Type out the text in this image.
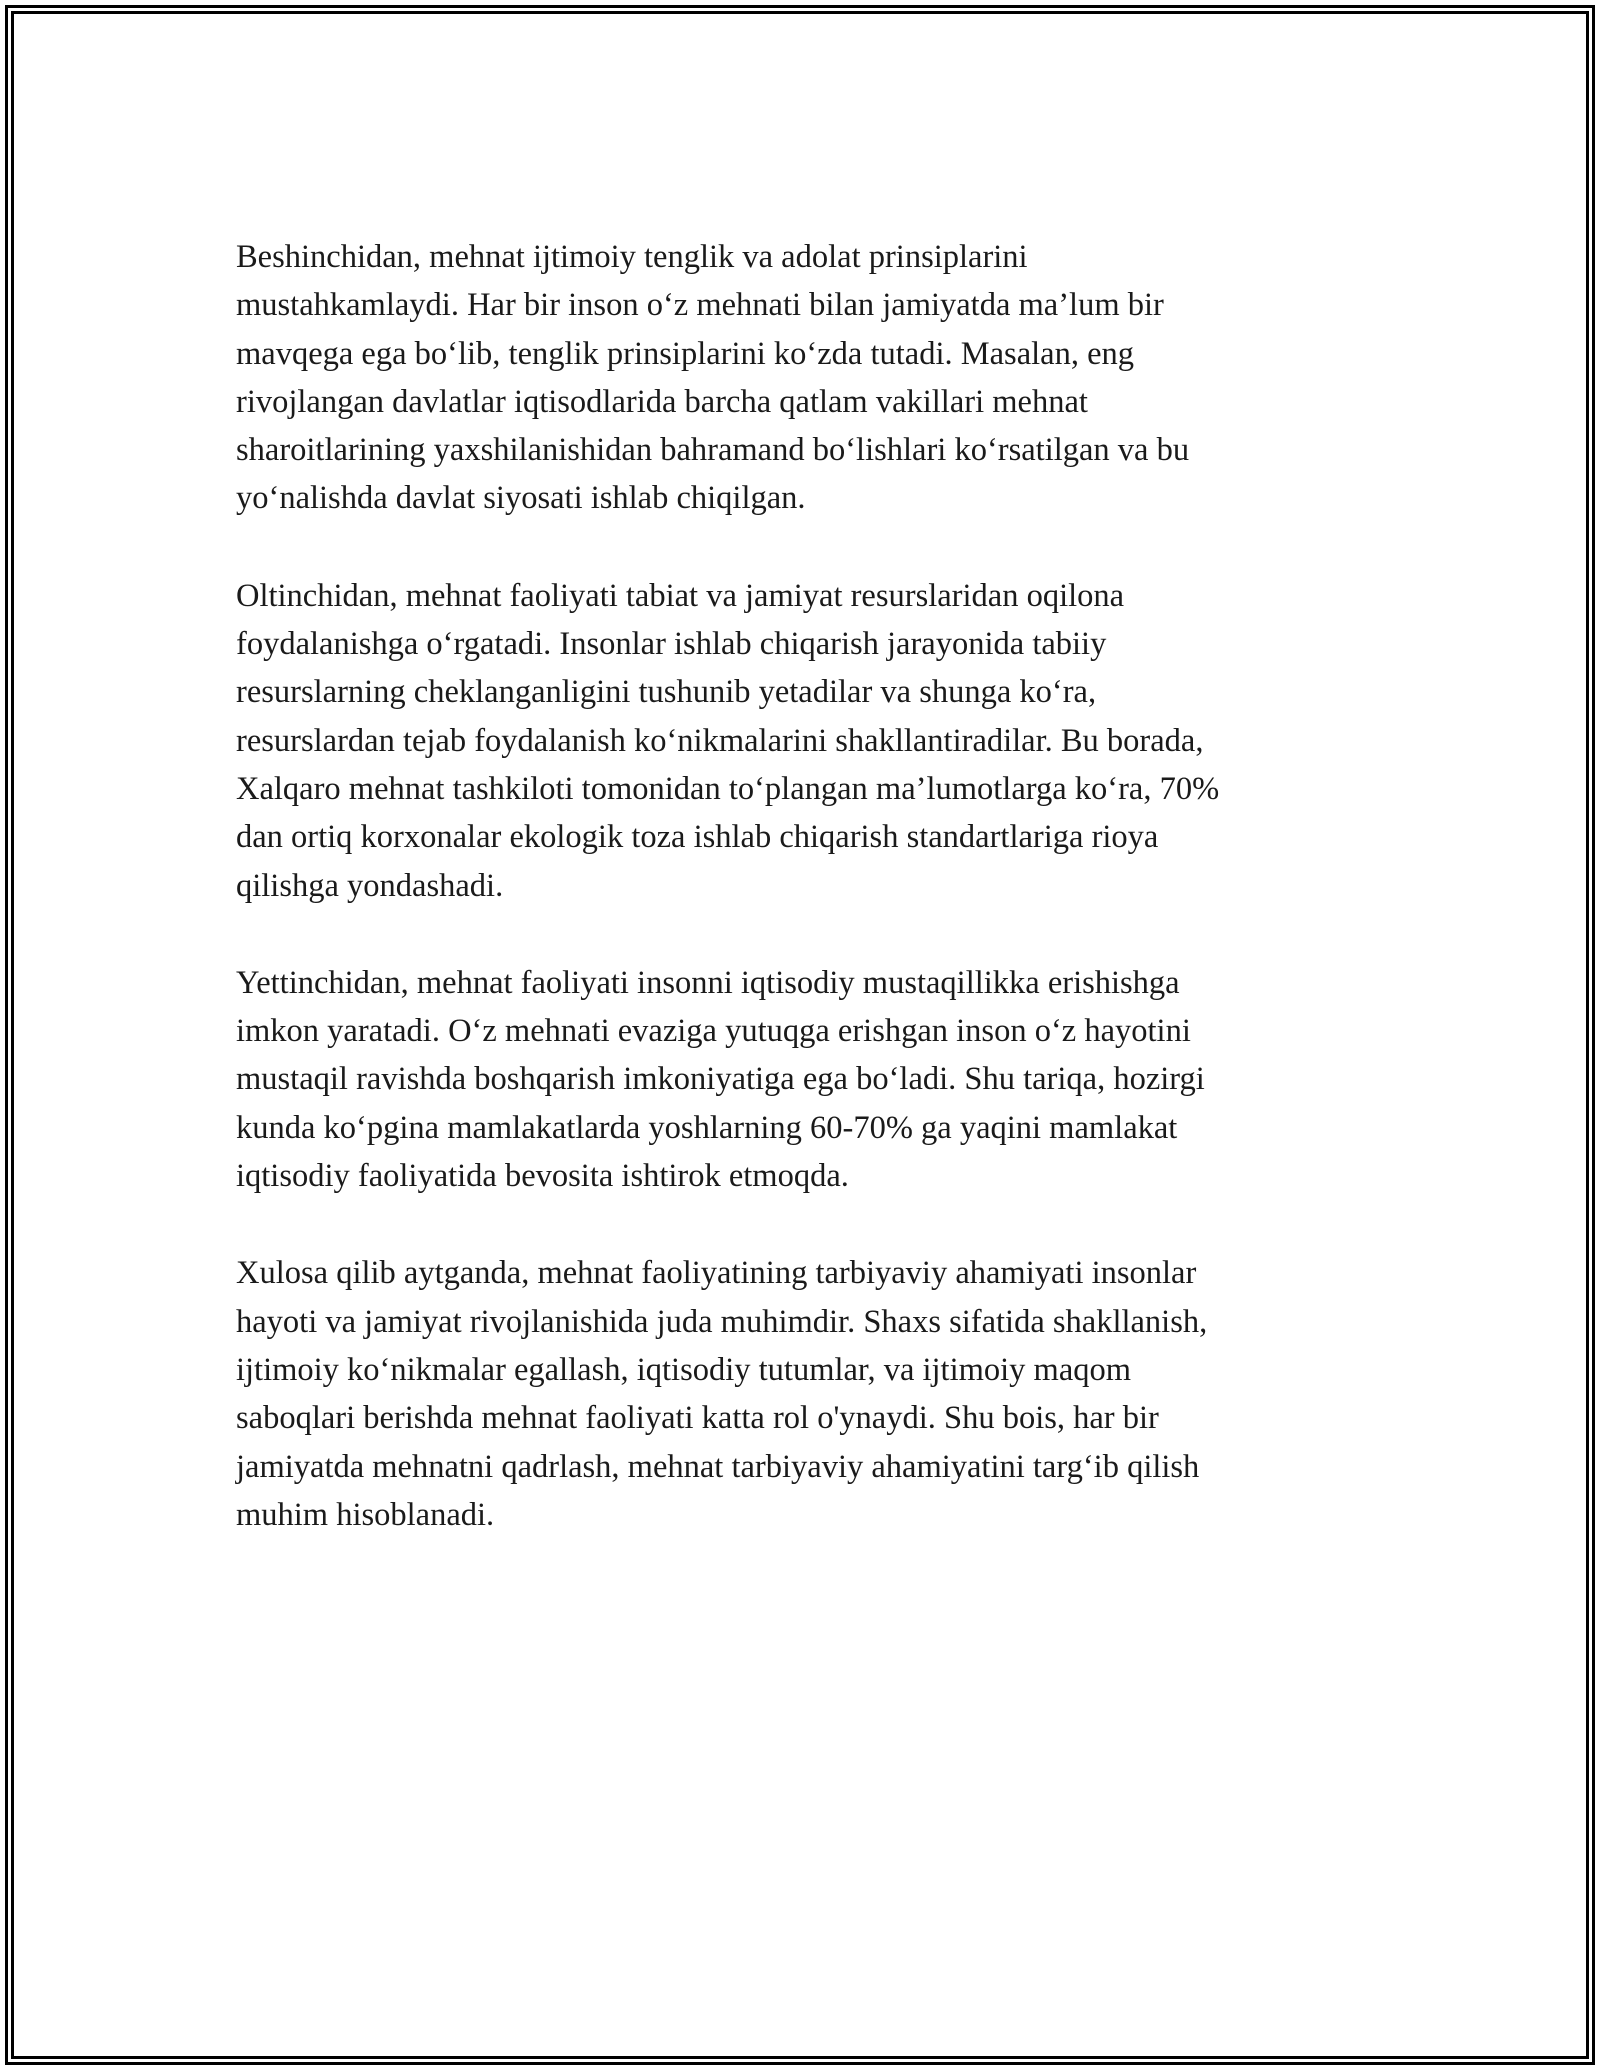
Beshinchidan, mehnat ijtimoiy tenglik va adolat prinsiplarini
mustahkamlaydi. Har bir inson o‘z mehnati bilan jamiyatda ma’lum bir
mavqega ega bo‘lib, tenglik prinsiplarini ko‘zda tutadi. Masalan, eng
rivojlangan davlatlar iqtisodlarida barcha qatlam vakillari mehnat
sharoitlarining yaxshilanishidan bahramand bo‘lishlari ko‘rsatilgan va bu
yo‘nalishda davlat siyosati ishlab chiqilgan.

Oltinchidan, mehnat faoliyati tabiat va jamiyat resurslaridan oqilona
foydalanishga o‘rgatadi. Insonlar ishlab chiqarish jarayonida tabiiy
resurslarning cheklanganligini tushunib yetadilar va shunga ko‘ra,
resurslardan tejab foydalanish ko‘nikmalarini shakllantiradilar. Bu borada,
Xalqaro mehnat tashkiloti tomonidan to‘plangan ma’lumotlarga ko‘ra, 70%
dan ortiq korxonalar ekologik toza ishlab chiqarish standartlariga rioya
qilishga yondashadi.

Yettinchidan, mehnat faoliyati insonni iqtisodiy mustaqillikka erishishga
imkon yaratadi. O‘z mehnati evaziga yutuqga erishgan inson o‘z hayotini
mustaqil ravishda boshqarish imkoniyatiga ega bo‘ladi. Shu tariqa, hozirgi
kunda ko‘pgina mamlakatlarda yoshlarning 60-70% ga yaqini mamlakat
iqtisodiy faoliyatida bevosita ishtirok etmoqda.

Xulosa qilib aytganda, mehnat faoliyatining tarbiyaviy ahamiyati insonlar
hayoti va jamiyat rivojlanishida juda muhimdir. Shaxs sifatida shakllanish,
ijtimoiy ko‘nikmalar egallash, iqtisodiy tutumlar, va ijtimoiy maqom
saboqlari berishda mehnat faoliyati katta rol o'ynaydi. Shu bois, har bir
jamiyatda mehnatni qadrlash, mehnat tarbiyaviy ahamiyatini targ‘ib qilish
muhim hisoblanadi.
